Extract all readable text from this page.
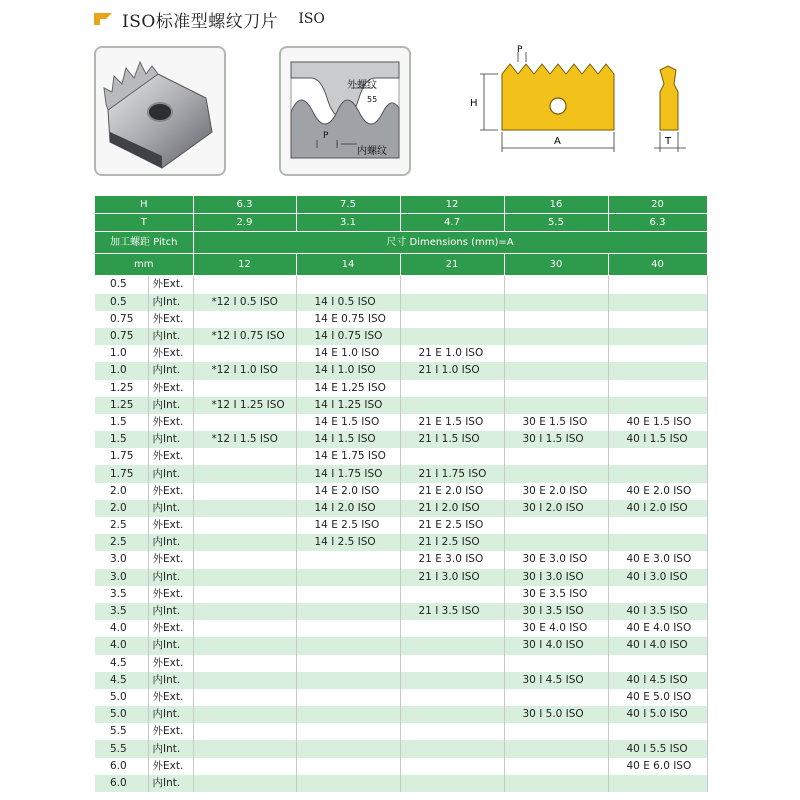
ISO标准型螺纹刀片 ISO
外螺纹
55
P
内螺纹
A
H
P
T
H		6.3	7.5	12	16	20
T		2.9	3.1	4.7	5.5	6.3
加工螺距 Pitch		尺寸 Dimensions (mm)=A				
mm		12	14	21	30	40
0.5	外Ext.					
0.5	内Int.	*12 I 0.5 ISO	14 I 0.5 ISO			
0.75	外Ext.		14 E 0.75 ISO			
0.75	内Int.	*12 I 0.75 ISO	14 I 0.75 ISO			
1.0	外Ext.		14 E 1.0 ISO	21 E 1.0 ISO		
1.0	内Int.	*12 I 1.0 ISO	14 I 1.0 ISO	21 I 1.0 ISO		
1.25	外Ext.		14 E 1.25 ISO			
1.25	内Int.	*12 I 1.25 ISO	14 I 1.25 ISO			
1.5	外Ext.		14 E 1.5 ISO	21 E 1.5 ISO	30 E 1.5 ISO	40 E 1.5 ISO
1.5	内Int.	*12 I 1.5 ISO	14 I 1.5 ISO	21 I 1.5 ISO	30 I 1.5 ISO	40 I 1.5 ISO
1.75	外Ext.		14 E 1.75 ISO			
1.75	内Int.		14 I 1.75 ISO	21 I 1.75 ISO		
2.0	外Ext.		14 E 2.0 ISO	21 E 2.0 ISO	30 E 2.0 ISO	40 E 2.0 ISO
2.0	内Int.		14 I 2.0 ISO	21 I 2.0 ISO	30 I 2.0 ISO	40 I 2.0 ISO
2.5	外Ext.		14 E 2.5 ISO	21 E 2.5 ISO		
2.5	内Int.		14 I 2.5 ISO	21 I 2.5 ISO		
3.0	外Ext.			21 E 3.0 ISO	30 E 3.0 ISO	40 E 3.0 ISO
3.0	内Int.			21 I 3.0 ISO	30 I 3.0 ISO	40 I 3.0 ISO
3.5	外Ext.				30 E 3.5 ISO	
3.5	内Int.			21 I 3.5 ISO	30 I 3.5 ISO	40 I 3.5 ISO
4.0	外Ext.				30 E 4.0 ISO	40 E 4.0 ISO
4.0	内Int.				30 I 4.0 ISO	40 I 4.0 ISO
4.5	外Ext.					
4.5	内Int.				30 I 4.5 ISO	40 I 4.5 ISO
5.0	外Ext.					40 E 5.0 ISO
5.0	内Int.				30 I 5.0 ISO	40 I 5.0 ISO
5.5	外Ext.					
5.5	内Int.					40 I 5.5 ISO
6.0	外Ext.					40 E 6.0 ISO
6.0	内Int.					
